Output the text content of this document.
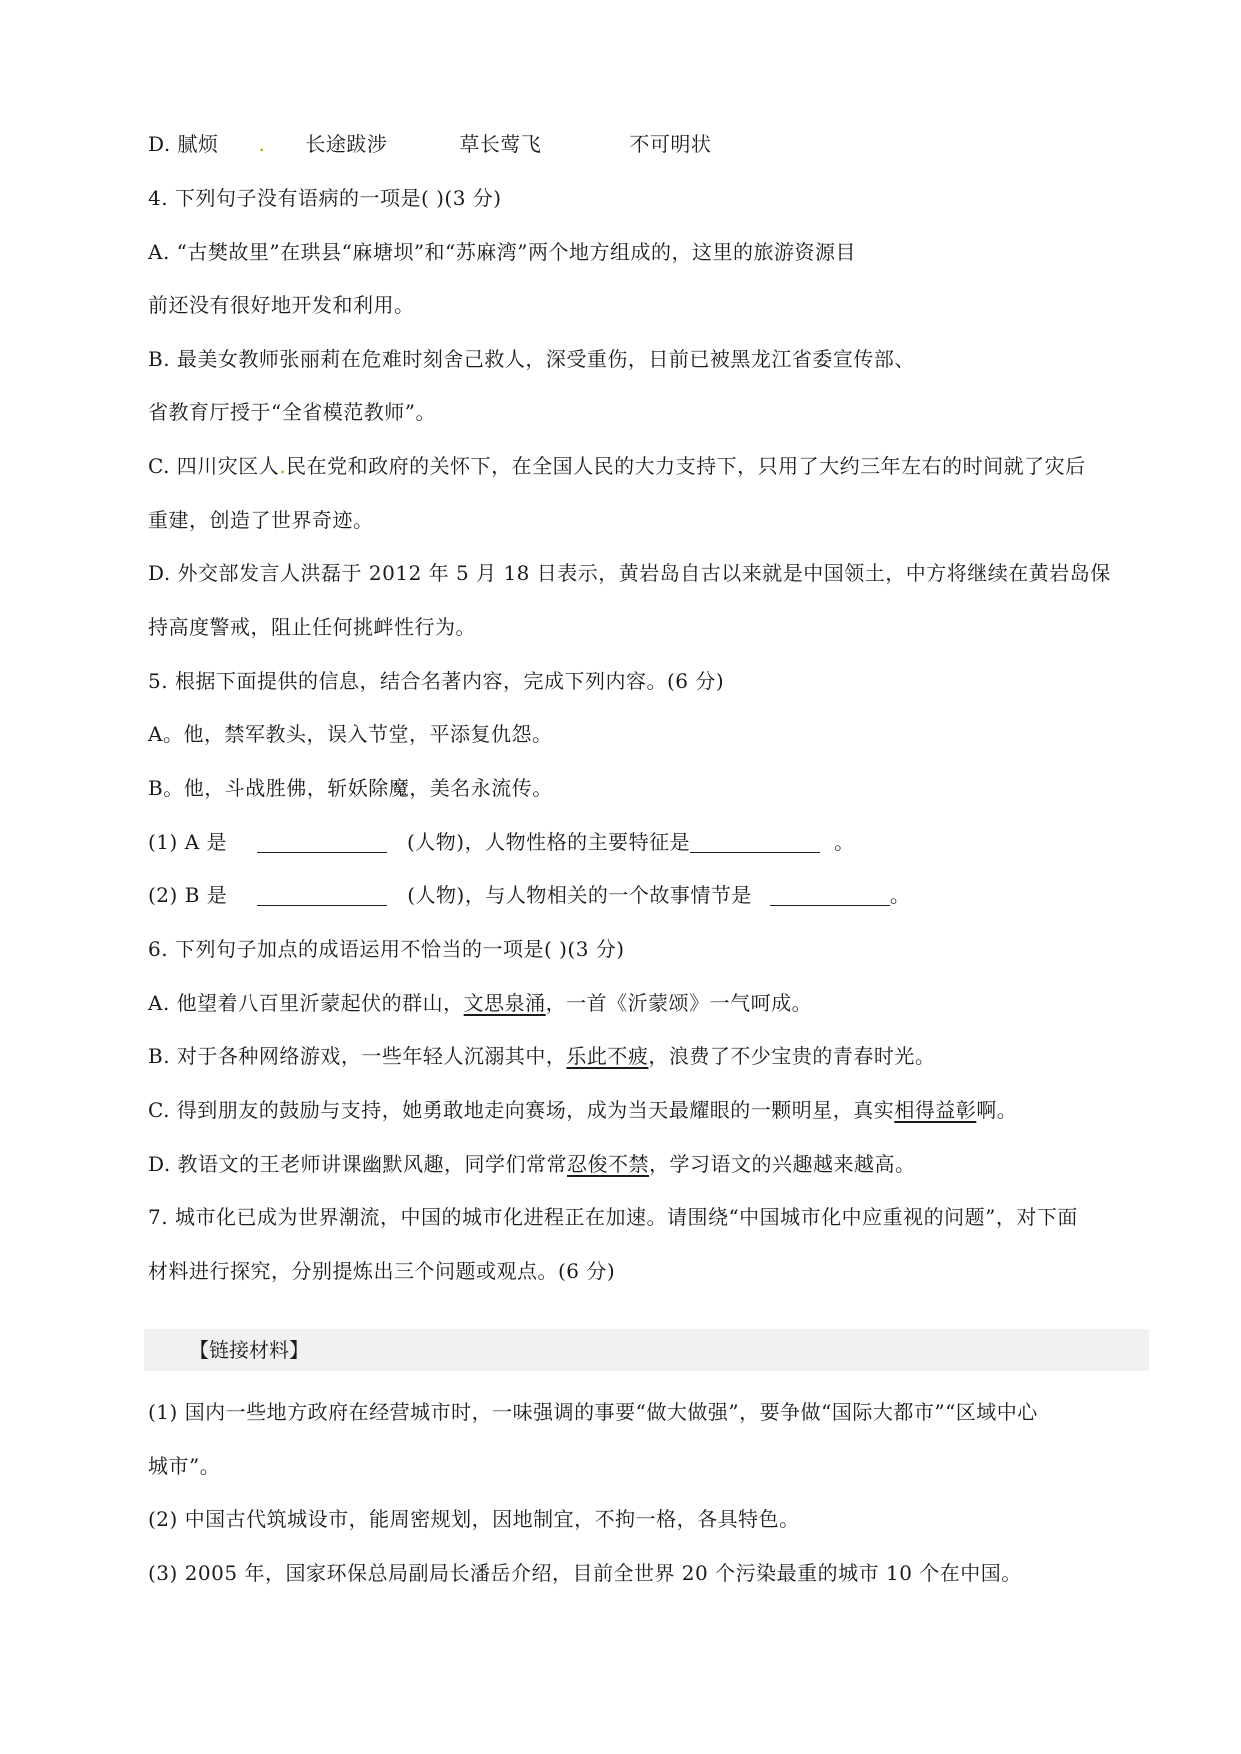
D. 腻烦 . 长途跋涉	草长莺飞	不可明状
4. 下列句子没有语病的一项是( )(3 分)
A. “古樊故里”在珙县“麻塘坝”和“苏麻湾”两个地方组成的，这里的旅游资源目
前还没有很好地开发和利用。
B. 最美女教师张丽莉在危难时刻舍己救人，深受重伤，日前已被黑龙江省委宣传部、
省教育厅授于“全省模范教师”。
C. 四川灾区人.民在党和政府的关怀下，在全国人民的大力支持下，只用了大约三年左右的时间就了灾后
重建，创造了世界奇迹。
D. 外交部发言人洪磊于 2012 年 5 月 18 日表示，黄岩岛自古以来就是中国领土，中方将继续在黄岩岛保
持高度警戒，阻止任何挑衅性行为。
5. 根据下面提供的信息，结合名著内容，完成下列内容。(6 分)
A。他，禁军教头，误入节堂，平添复仇怨。
B。他，斗战胜佛，斩妖除魔，美名永流传。
(1) A 是	(人物)，人物性格的主要特征是	。
(2) B 是	(人物)，与人物相关的一个故事情节是	。
6. 下列句子加点的成语运用不恰当的一项是( )(3 分)
A. 他望着八百里沂蒙起伏的群山，文思泉涌，一首《沂蒙颂》一气呵成。
B. 对于各种网络游戏，一些年轻人沉溺其中，乐此不疲，浪费了不少宝贵的青春时光。
C. 得到朋友的鼓励与支持，她勇敢地走向赛场，成为当天最耀眼的一颗明星，真实相得益彰啊。
D. 教语文的王老师讲课幽默风趣，同学们常常忍俊不禁，学习语文的兴趣越来越高。
7. 城市化已成为世界潮流，中国的城市化进程正在加速。请围绕“中国城市化中应重视的问题”，对下面
材料进行探究，分别提炼出三个问题或观点。(6 分)
【链接材料】
(1) 国内一些地方政府在经营城市时，一味强调的事要“做大做强”，要争做“国际大都市”“区域中心
城市”。
(2) 中国古代筑城设市，能周密规划，因地制宜，不拘一格，各具特色。
(3) 2005 年，国家环保总局副局长潘岳介绍，目前全世界 20 个污染最重的城市 10 个在中国。
